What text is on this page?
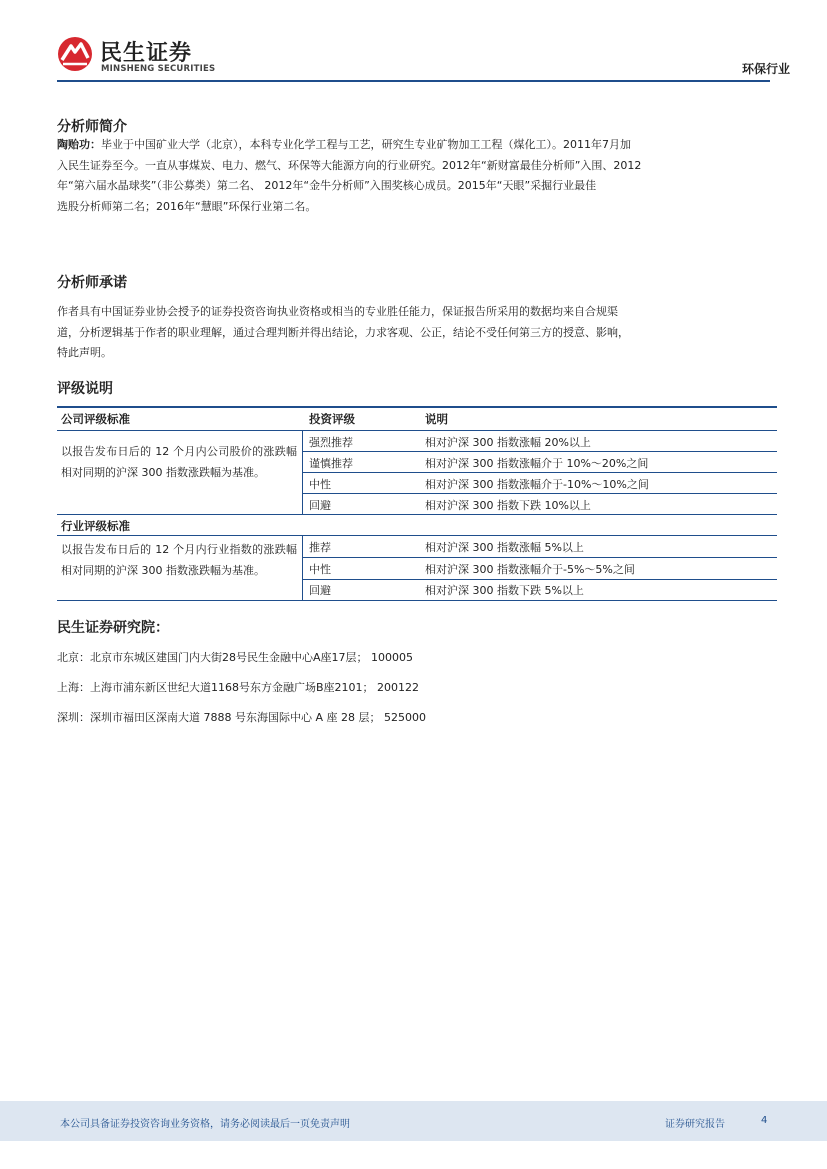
民生证券
MINSHENG SECURITIES	环保行业
分析师简介
陶贻功：毕业于中国矿业大学（北京），本科专业化学工程与工艺，研究生专业矿物加工工程（煤化工）。2011年7月加
入民生证券至今。一直从事煤炭、电力、燃气、环保等大能源方向的行业研究。2012年“新财富最佳分析师”入围、2012
年“第六届水晶球奖”（非公募类）第二名、 2012年“金牛分析师”入围奖核心成员。2015年“天眼”采掘行业最佳
选股分析师第二名；2016年“慧眼”环保行业第二名。
分析师承诺
作者具有中国证券业协会授予的证券投资咨询执业资格或相当的专业胜任能力，保证报告所采用的数据均来自合规渠
道，分析逻辑基于作者的职业理解，通过合理判断并得出结论，力求客观、公正，结论不受任何第三方的授意、影响，
特此声明。
评级说明
公司评级标准	投资评级	说明
以报告发布日后的 12 个月内公司股价的涨跌幅相对同期的沪深 300 指数涨跌幅为基准。
强烈推荐	相对沪深 300 指数涨幅 20%以上
谨慎推荐	相对沪深 300 指数涨幅介于 10%～20%之间
中性	相对沪深 300 指数涨幅介于-10%～10%之间
回避	相对沪深 300 指数下跌 10%以上
行业评级标准
以报告发布日后的 12 个月内行业指数的涨跌幅相对同期的沪深 300 指数涨跌幅为基准。
推荐	相对沪深 300 指数涨幅 5%以上
中性	相对沪深 300 指数涨幅介于-5%～5%之间
回避	相对沪深 300 指数下跌 5%以上
民生证券研究院：
北京：北京市东城区建国门内大街28号民生金融中心A座17层； 100005
上海：上海市浦东新区世纪大道1168号东方金融广场B座2101； 200122
深圳：深圳市福田区深南大道 7888 号东海国际中心 A 座 28 层； 525000
本公司具备证券投资咨询业务资格，请务必阅读最后一页免责声明	证券研究报告	4
